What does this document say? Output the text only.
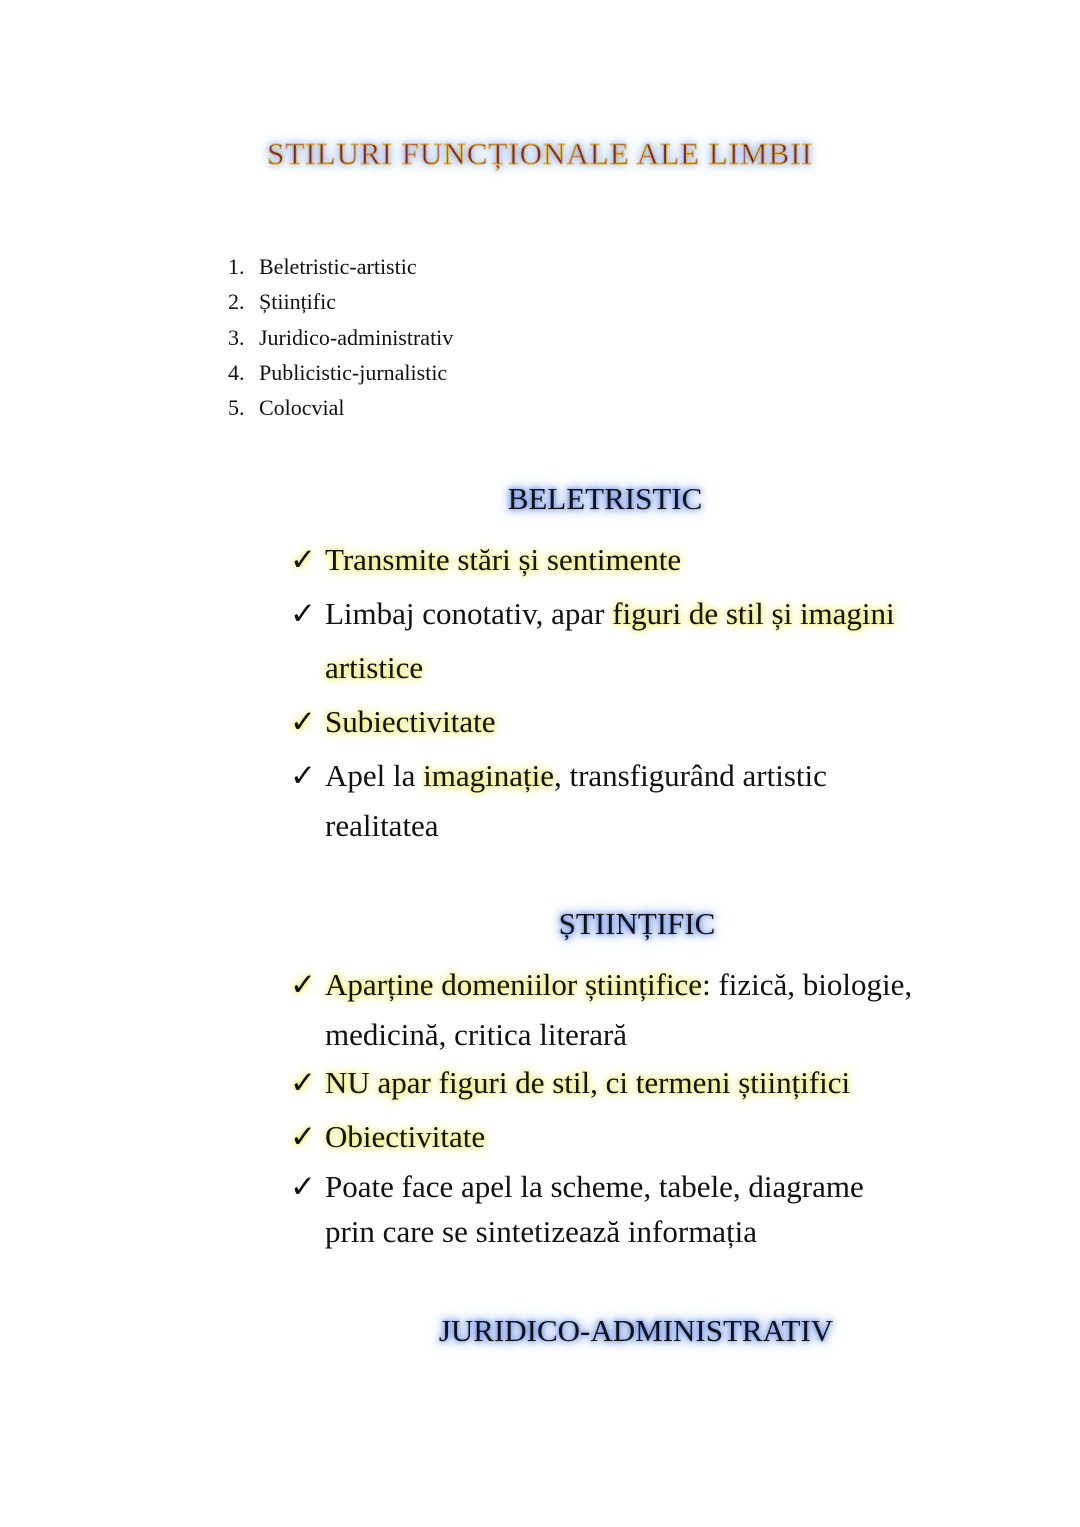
STILURI FUNCȚIONALE ALE LIMBII
1. Beletristic-artistic
2. Științific
3. Juridico-administrativ
4. Publicistic-jurnalistic
5. Colocvial
BELETRISTIC
✓ Transmite stări și sentimente
✓ Limbaj conotativ, apar figuri de stil și imagini
artistice
✓ Subiectivitate
✓ Apel la imaginație, transfigurând artistic
realitatea
ȘTIINȚIFIC
✓ Aparține domeniilor științifice: fizică, biologie,
medicină, critica literară
✓ NU apar figuri de stil, ci termeni științifici
✓ Obiectivitate
✓ Poate face apel la scheme, tabele, diagrame
prin care se sintetizează informația
JURIDICO-ADMINISTRATIV
